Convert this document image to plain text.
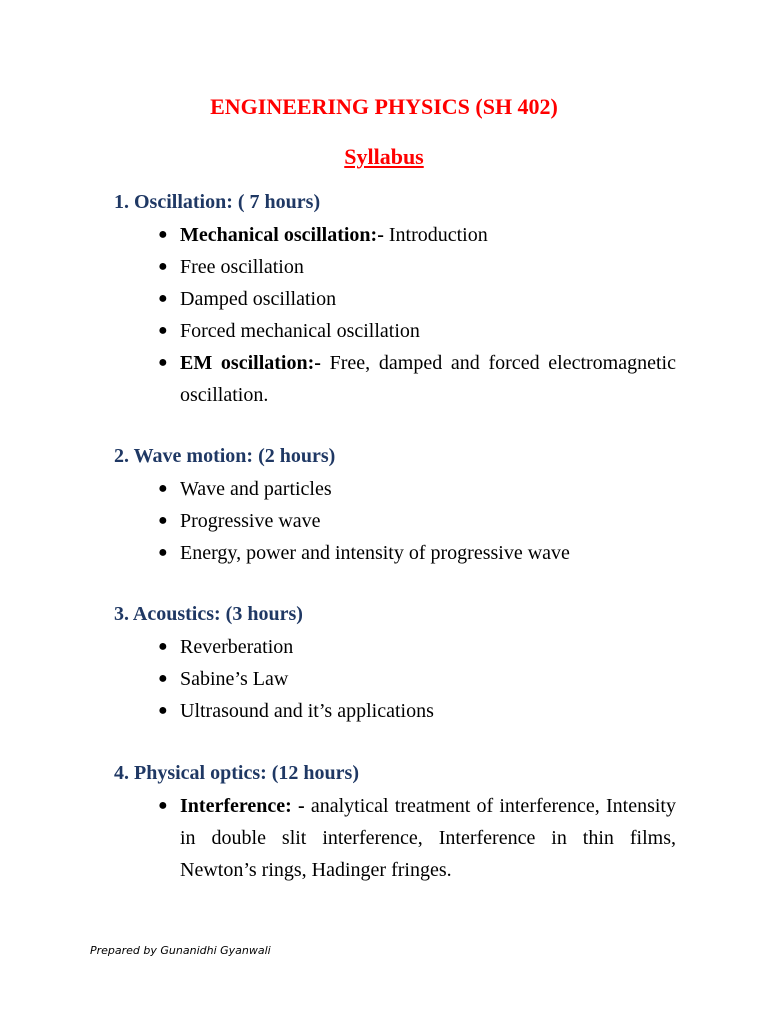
ENGINEERING PHYSICS (SH 402)
Syllabus
1. Oscillation: ( 7 hours)
● Mechanical oscillation:- Introduction
● Free oscillation
● Damped oscillation
● Forced mechanical oscillation
● EM oscillation:- Free, damped and forced electromagnetic oscillation.
2. Wave motion: (2 hours)
● Wave and particles
● Progressive wave
● Energy, power and intensity of progressive wave
3. Acoustics: (3 hours)
● Reverberation
● Sabine’s Law
● Ultrasound and it’s applications
4. Physical optics: (12 hours)
● Interference: - analytical treatment of interference, Intensity in double slit interference, Interference in thin films, Newton’s rings, Hadinger fringes.
Prepared by Gunanidhi Gyanwali
